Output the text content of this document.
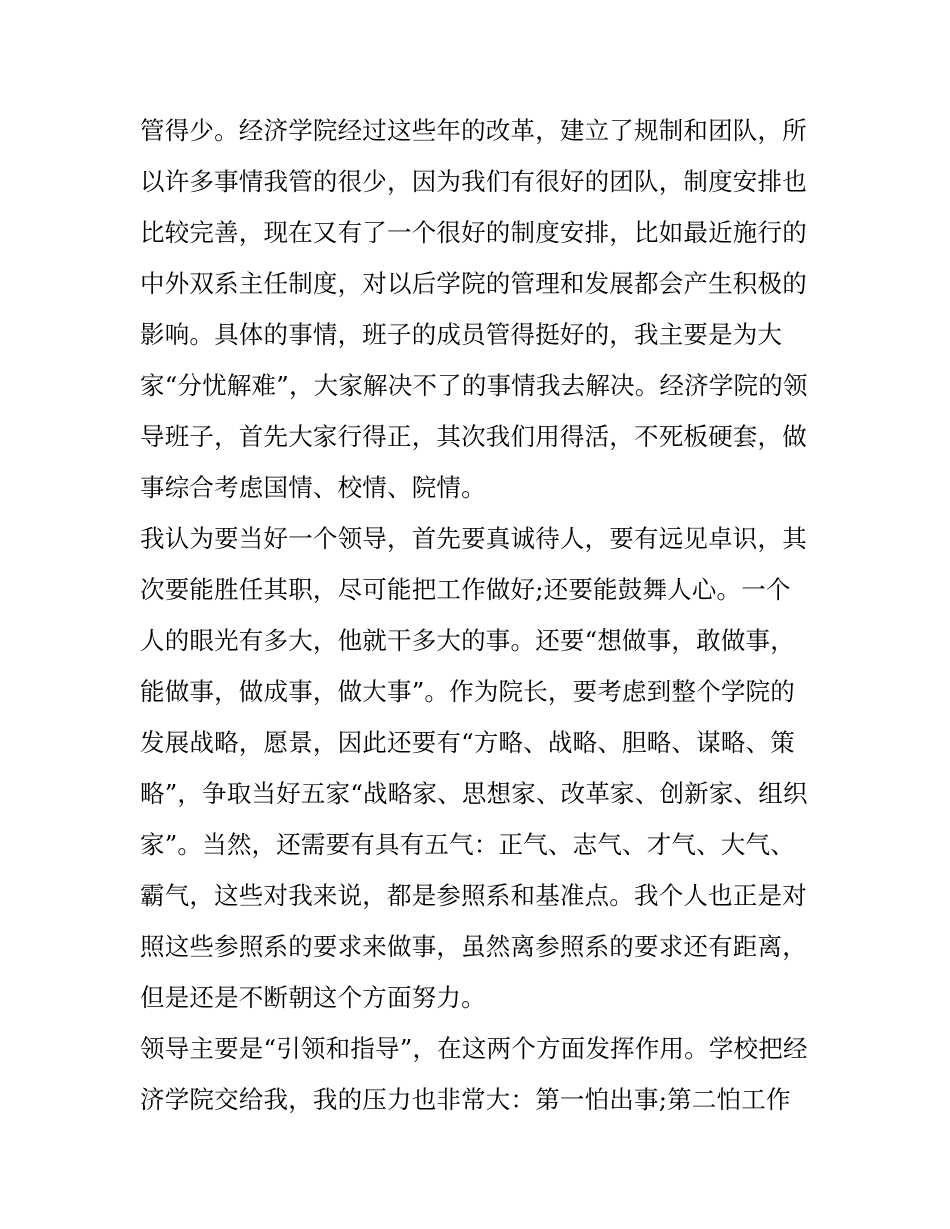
管得少。经济学院经过这些年的改革，建立了规制和团队，所
以许多事情我管的很少，因为我们有很好的团队，制度安排也
比较完善，现在又有了一个很好的制度安排，比如最近施行的
中外双系主任制度，对以后学院的管理和发展都会产生积极的
影响。具体的事情，班子的成员管得挺好的，我主要是为大
家“分忧解难”，大家解决不了的事情我去解决。经济学院的领
导班子，首先大家行得正，其次我们用得活，不死板硬套，做
事综合考虑国情、校情、院情。
我认为要当好一个领导，首先要真诚待人，要有远见卓识，其
次要能胜任其职，尽可能把工作做好;还要能鼓舞人心。一个
人的眼光有多大，他就干多大的事。还要“想做事，敢做事，
能做事，做成事，做大事”。作为院长，要考虑到整个学院的
发展战略，愿景，因此还要有“方略、战略、胆略、谋略、策
略”，争取当好五家“战略家、思想家、改革家、创新家、组织
家”。当然，还需要有具有五气：正气、志气、才气、大气、
霸气，这些对我来说，都是参照系和基准点。我个人也正是对
照这些参照系的要求来做事，虽然离参照系的要求还有距离，
但是还是不断朝这个方面努力。
领导主要是“引领和指导”，在这两个方面发挥作用。学校把经
济学院交给我，我的压力也非常大：第一怕出事;第二怕工作
